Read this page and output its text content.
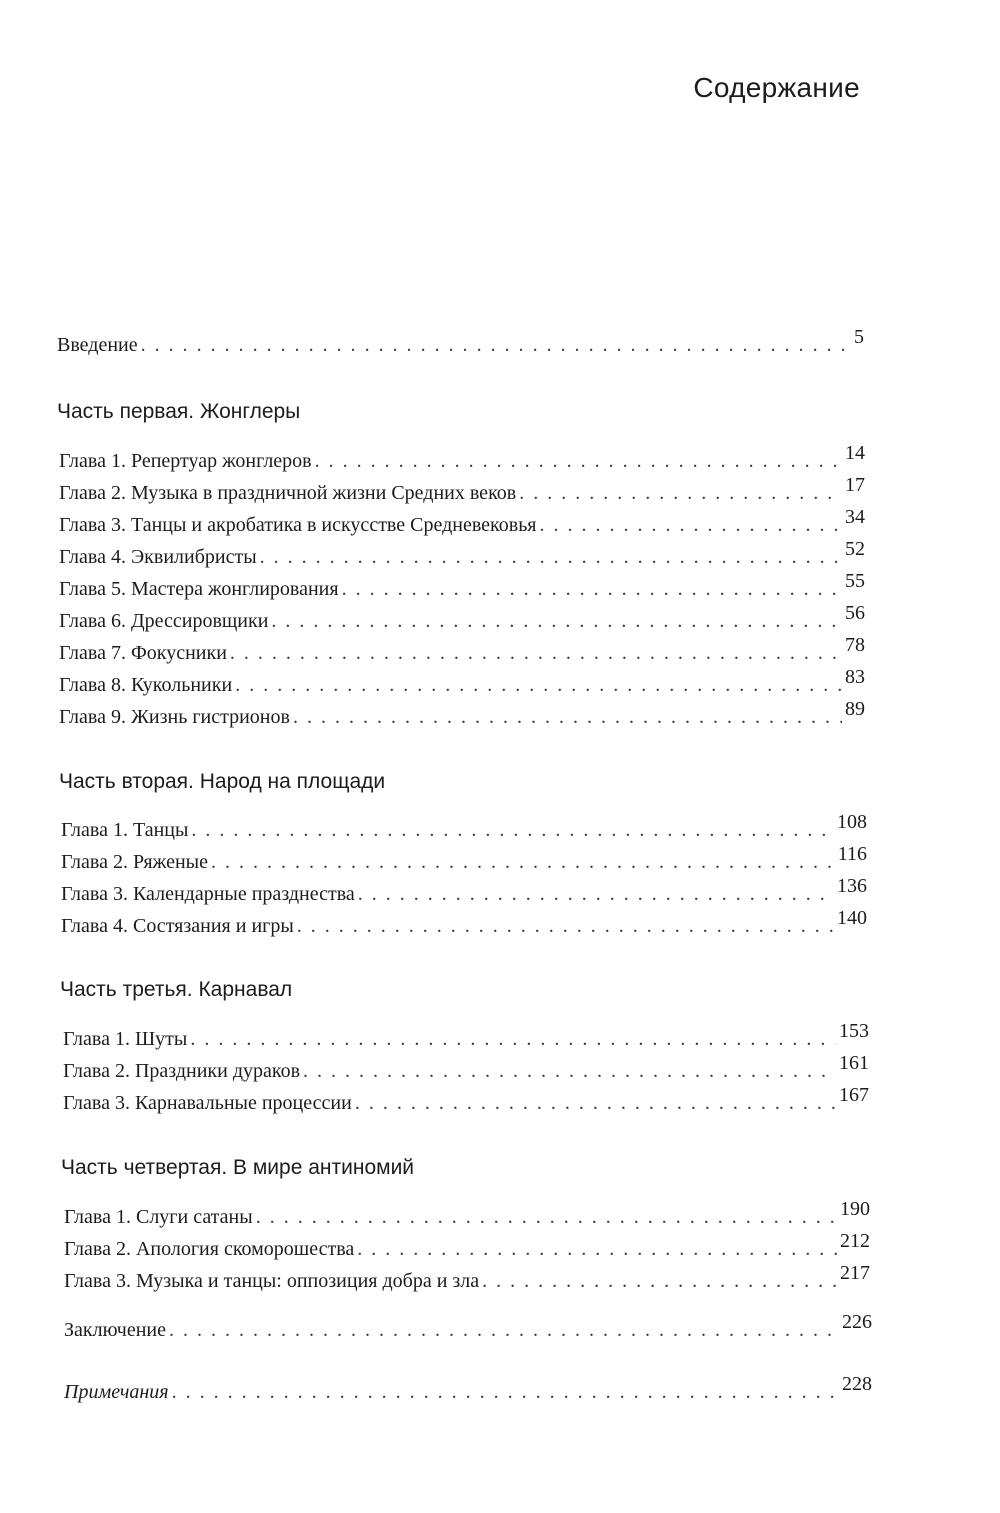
Содержание
Введение . . .	5
Часть первая. Жонглеры
Глава 1. Репертуар жонглеров . . .	14
Глава 2. Музыка в праздничной жизни Средних веков . . .	17
Глава 3. Танцы и акробатика в искусстве Средневековья . . .	34
Глава 4. Эквилибристы . . .	52
Глава 5. Мастера жонглирования . . .	55
Глава 6. Дрессировщики . . .	56
Глава 7. Фокусники . . .	78
Глава 8. Кукольники . . .	83
Глава 9. Жизнь гистрионов . . .	89
Часть вторая. Народ на площади
Глава 1. Танцы . . .	108
Глава 2. Ряженые . . .	116
Глава 3. Календарные празднества . . .	136
Глава 4. Состязания и игры . . .	140
Часть третья. Карнавал
Глава 1. Шуты . . .	153
Глава 2. Праздники дураков . . .	161
Глава 3. Карнавальные процессии . . .	167
Часть четвертая. В мире антиномий
Глава 1. Слуги сатаны . . .	190
Глава 2. Апология скоморошества . . .	212
Глава 3. Музыка и танцы: оппозиция добра и зла . . .	217
Заключение . . .	226
Примечания . . .	228
